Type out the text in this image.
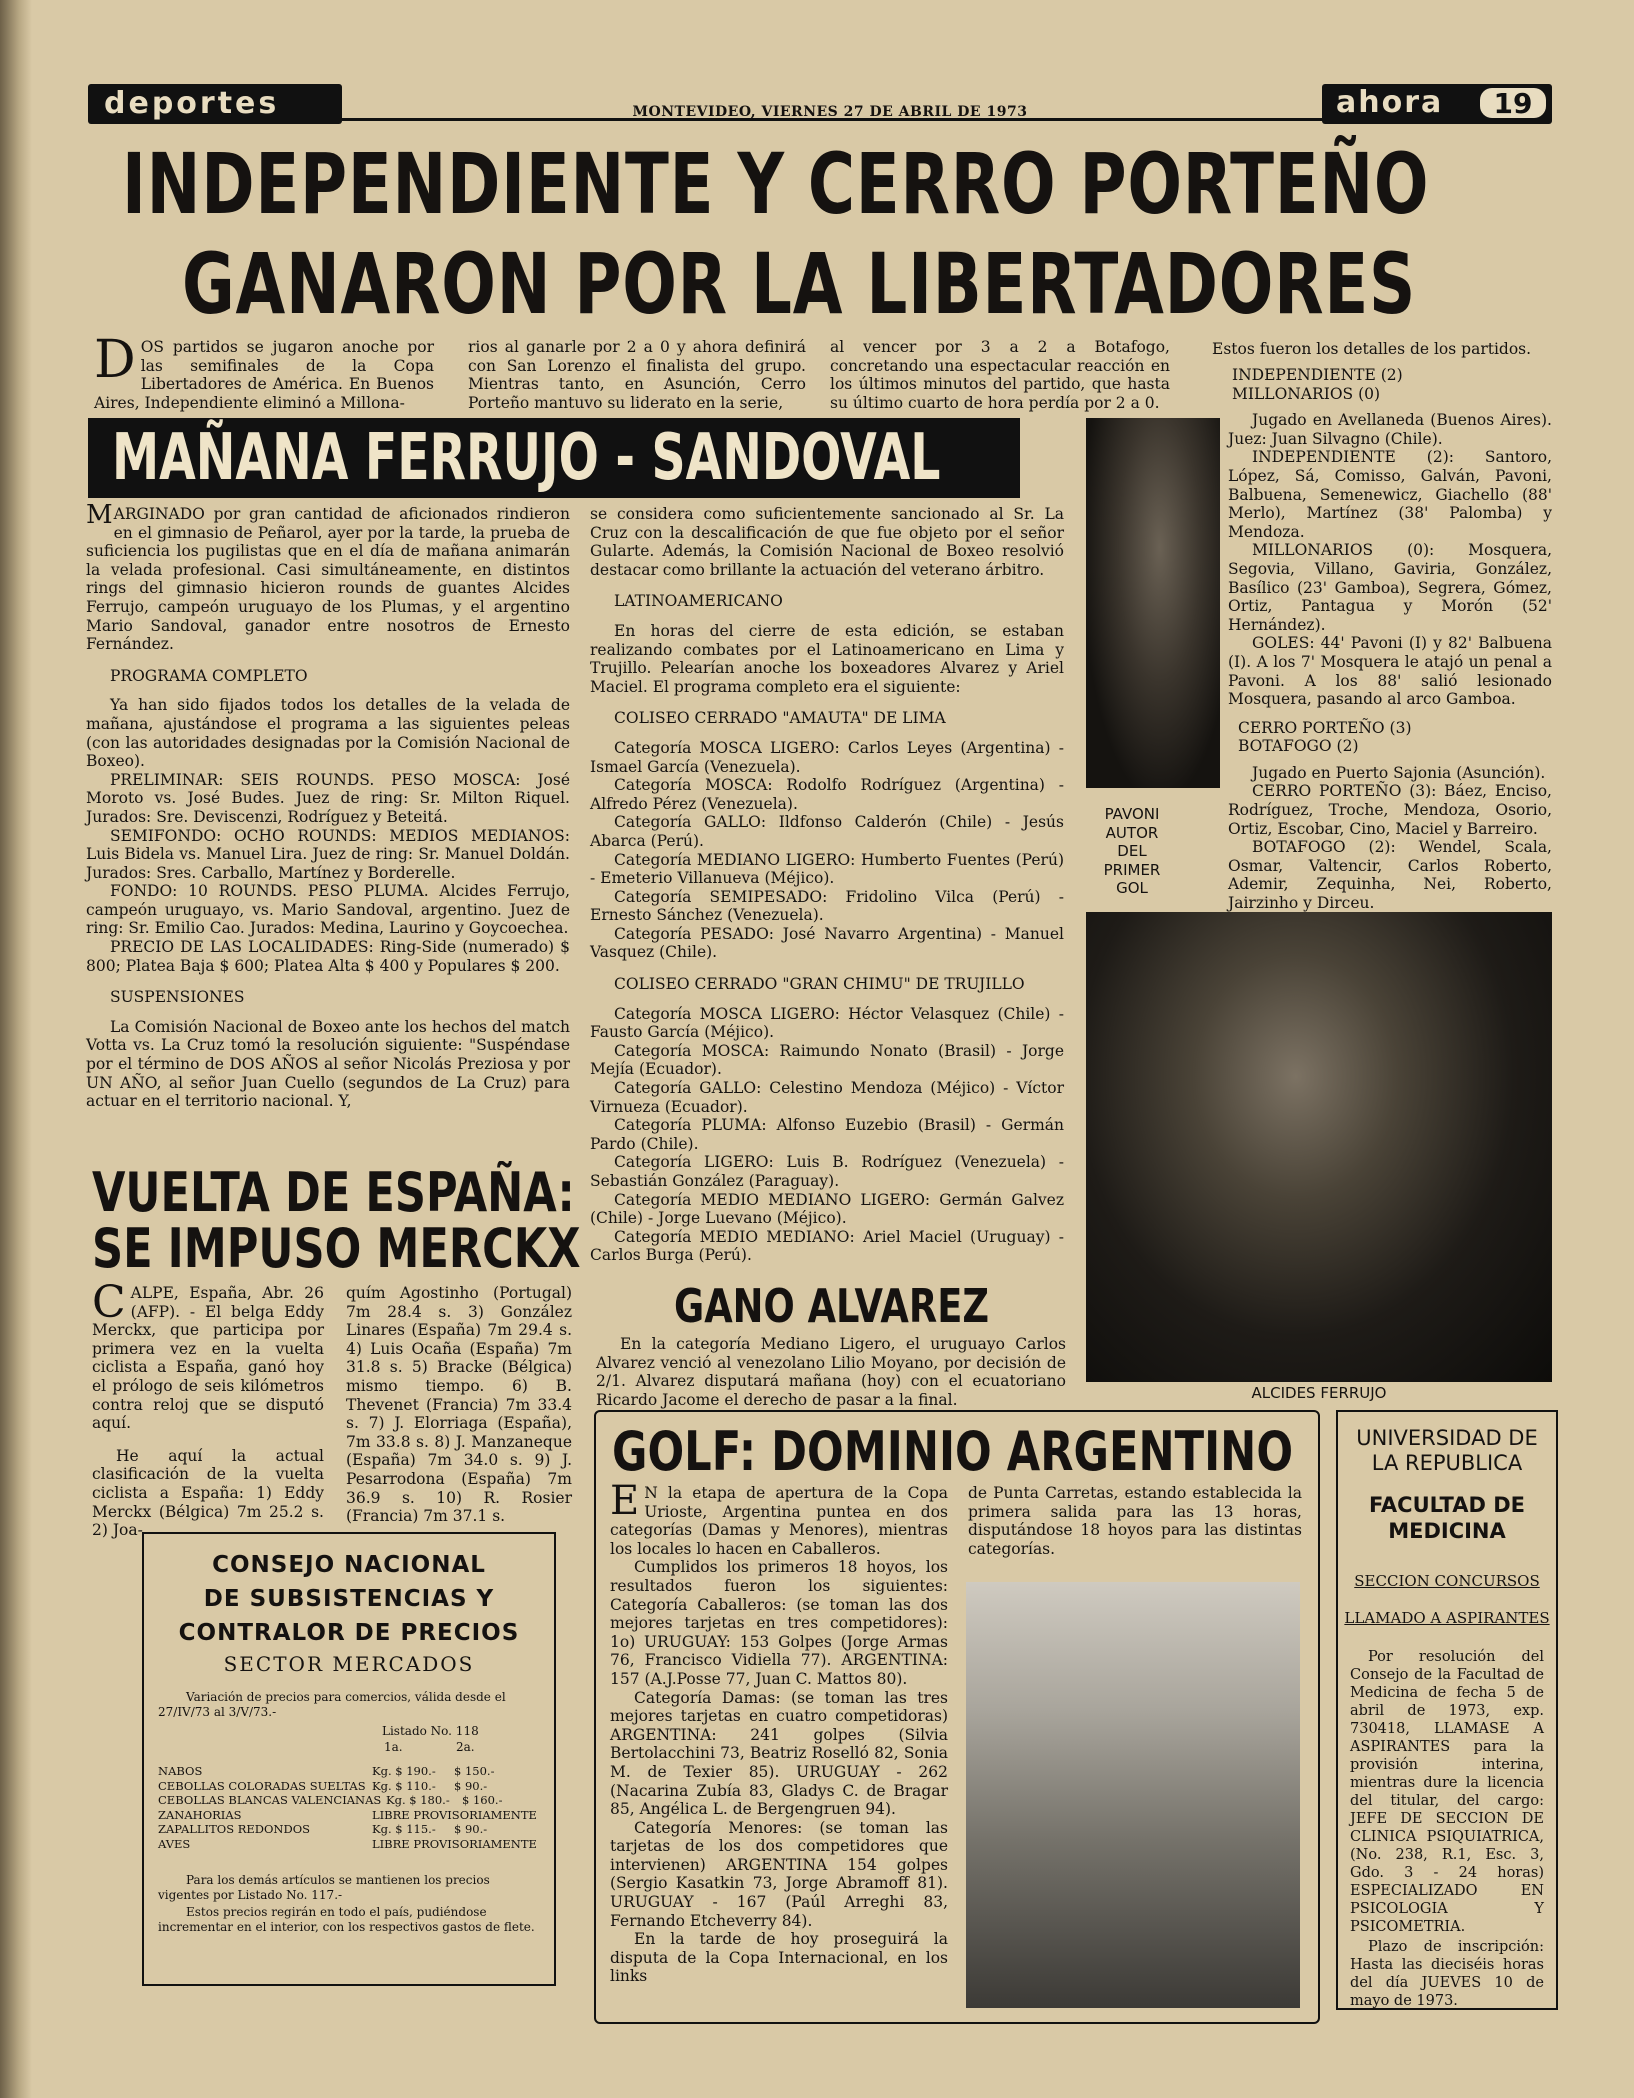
deportes	MONTEVIDEO, VIERNES 27 DE ABRIL DE 1973	ahora	19
INDEPENDIENTE Y CERRO PORTEÑO
GANARON POR LA LIBERTADORES
DOS partidos se jugaron anoche por las semifinales de la Copa Libertadores de América. En Buenos Aires, Independiente eliminó a Millona-
rios al ganarle por 2 a 0 y ahora definirá con San Lorenzo el finalista del grupo. Mientras tanto, en Asunción, Cerro Porteño mantuvo su liderato en la serie,
al vencer por 3 a 2 a Botafogo, concretando una espectacular reacción en los últimos minutos del partido, que hasta su último cuarto de hora perdía por 2 a 0.
Estos fueron los detalles de los partidos.

INDEPENDIENTE (2)

MILLONARIOS (0)

Jugado en Avellaneda (Buenos Aires). Juez: Juan Silvagno (Chile).

INDEPENDIENTE (2): Santoro, López, Sá, Comisso, Galván, Pavoni, Balbuena, Semenewicz, Giachello (88' Merlo), Martínez (38' Palomba) y Mendoza.

MILLONARIOS (0): Mosquera, Segovia, Villano, Gaviria, González, Basílico (23' Gamboa), Segrera, Gómez, Ortiz, Pantagua y Morón (52' Hernández).

GOLES: 44' Pavoni (I) y 82' Balbuena (I). A los 7' Mosquera le atajó un penal a Pavoni. A los 88' salió lesionado Mosquera, pasando al arco Gamboa.

CERRO PORTEÑO (3)

BOTAFOGO (2)

Jugado en Puerto Sajonia (Asunción).

CERRO PORTEÑO (3): Báez, Enciso, Rodríguez, Troche, Mendoza, Osorio, Ortiz, Escobar, Cino, Maciel y Barreiro.

BOTAFOGO (2): Wendel, Scala, Osmar, Valtencir, Carlos Roberto, Ademir, Zequinha, Nei, Roberto, Jairzinho y Dirceu.

MAÑANA FERRUJO - SANDOVAL
PAVONI AUTOR DEL PRIMER GOL

MARGINADO por gran cantidad de aficionados rindieron en el gimnasio de Peñarol, ayer por la tarde, la prueba de suficiencia los pugilistas que en el día de mañana animarán la velada profesional. Casi simultáneamente, en distintos rings del gimnasio hicieron rounds de guantes Alcides Ferrujo, campeón uruguayo de los Plumas, y el argentino Mario Sandoval, ganador entre nosotros de Ernesto Fernández.

PROGRAMA COMPLETO

Ya han sido fijados todos los detalles de la velada de mañana, ajustándose el programa a las siguientes peleas (con las autoridades designadas por la Comisión Nacional de Boxeo).

PRELIMINAR: SEIS ROUNDS. PESO MOSCA: José Moroto vs. José Budes. Juez de ring: Sr. Milton Riquel. Jurados: Sre. Deviscenzi, Rodríguez y Beteitá.

SEMIFONDO: OCHO ROUNDS: MEDIOS MEDIANOS: Luis Bidela vs. Manuel Lira. Juez de ring: Sr. Manuel Doldán. Jurados: Sres. Carballo, Martínez y Borderelle.

FONDO: 10 ROUNDS. PESO PLUMA. Alcides Ferrujo, campeón uruguayo, vs. Mario Sandoval, argentino. Juez de ring: Sr. Emilio Cao. Jurados: Medina, Laurino y Goycoechea.

PRECIO DE LAS LOCALIDADES: Ring-Side (numerado) $ 800; Platea Baja $ 600; Platea Alta $ 400 y Populares $ 200.

SUSPENSIONES

La Comisión Nacional de Boxeo ante los hechos del match Votta vs. La Cruz tomó la resolución siguiente: "Suspéndase por el término de DOS AÑOS al señor Nicolás Preziosa y por UN AÑO, al señor Juan Cuello (segundos de La Cruz) para actuar en el territorio nacional. Y,

se considera como suficientemente sancionado al Sr. La Cruz con la descalificación de que fue objeto por el señor Gularte. Además, la Comisión Nacional de Boxeo resolvió destacar como brillante la actuación del veterano árbitro.

LATINOAMERICANO

En horas del cierre de esta edición, se estaban realizando combates por el Latinoamericano en Lima y Trujillo. Pelearían anoche los boxeadores Alvarez y Ariel Maciel. El programa completo era el siguiente:

COLISEO CERRADO "AMAUTA" DE LIMA

Categoría MOSCA LIGERO: Carlos Leyes (Argentina) - Ismael García (Venezuela).

Categoría MOSCA: Rodolfo Rodríguez (Argentina) - Alfredo Pérez (Venezuela).

Categoría GALLO: Ildfonso Calderón (Chile) - Jesús Abarca (Perú).

Categoría MEDIANO LIGERO: Humberto Fuentes (Perú) - Emeterio Villanueva (Méjico).

Categoría SEMIPESADO: Fridolino Vilca (Perú) - Ernesto Sánchez (Venezuela).

Categoría PESADO: José Navarro Argentina) - Manuel Vasquez (Chile).

COLISEO CERRADO "GRAN CHIMU" DE TRUJILLO

Categoría MOSCA LIGERO: Héctor Velasquez (Chile) - Fausto García (Méjico).

Categoría MOSCA: Raimundo Nonato (Brasil) - Jorge Mejía (Ecuador).

Categoría GALLO: Celestino Mendoza (Méjico) - Víctor Virnueza (Ecuador).

Categoría PLUMA: Alfonso Euzebio (Brasil) - Germán Pardo (Chile).

Categoría LIGERO: Luis B. Rodríguez (Venezuela) - Sebastián González (Paraguay).

Categoría MEDIO MEDIANO LIGERO: Germán Galvez (Chile) - Jorge Luevano (Méjico).

Categoría MEDIO MEDIANO: Ariel Maciel (Uruguay) - Carlos Burga (Perú).

GANO ALVAREZ
En la categoría Mediano Ligero, el uruguayo Carlos Alvarez venció al venezolano Lilio Moyano, por decisión de 2/1. Alvarez disputará mañana (hoy) con el ecuatoriano Ricardo Jacome el derecho de pasar a la final.	ALCIDES FERRUJO
VUELTA DE ESPAÑA:
SE IMPUSO MERCKX

CALPE, España, Abr. 26 (AFP). - El belga Eddy Merckx, que participa por primera vez en la vuelta ciclista a España, ganó hoy el prólogo de seis kilómetros contra reloj que se disputó aquí.

He aquí la actual clasificación de la vuelta ciclista a España: 1) Eddy Merckx (Bélgica) 7m 25.2 s. 2) Joa-

quím Agostinho (Portugal) 7m 28.4 s. 3) González Linares (España) 7m 29.4 s. 4) Luis Ocaña (España) 7m 31.8 s. 5) Bracke (Bélgica) mismo tiempo. 6) B. Thevenet (Francia) 7m 33.4 s. 7) J. Elorriaga (España), 7m 33.8 s. 8) J. Manzaneque (España) 7m 34.0 s. 9) J. Pesarrodona (España) 7m 36.9 s. 10) R. Rosier (Francia) 7m 37.1 s.
CONSEJO NACIONAL
DE SUBSISTENCIAS Y
CONTRALOR DE PRECIOS
SECTOR MERCADOS
Variación de precios para comercios, válida desde el 27/IV/73 al 3/V/73.-
Listado No. 118
1a.	2a.
NABOS	Kg. $ 190.- $ 150.-
CEBOLLAS COLORADAS SUELTAS Kg. $ 110.- $ 90.-
CEBOLLAS BLANCAS VALENCIANAS Kg. $ 180.- $ 160.-
ZANAHORIAS	LIBRE PROVISORIAMENTE
ZAPALLITOS REDONDOS	Kg. $ 115.- $ 90.-
AVES	LIBRE PROVISORIAMENTE
Para los demás artículos se mantienen los precios vigentes por Listado No. 117.-
Estos precios regirán en todo el país, pudiéndose incrementar en el interior, con los respectivos gastos de flete.
GOLF: DOMINIO ARGENTINO

E N la etapa de apertura de la Copa Urioste, Argentina puntea en dos categorías (Damas y Menores), mientras los locales lo hacen en Caballeros.

Cumplidos los primeros 18 hoyos, los resultados fueron los siguientes: Categoría Caballeros: (se toman las dos mejores tarjetas en tres competidores): 1o) URUGUAY: 153 Golpes (Jorge Armas 76, Francisco Vidiella 77). ARGENTINA: 157 (A.J.Posse 77, Juan C. Mattos 80).

Categoría Damas: (se toman las tres mejores tarjetas en cuatro competidoras) ARGENTINA: 241 golpes (Silvia Bertolacchini 73, Beatriz Roselló 82, Sonia M. de Texier 85). URUGUAY - 262 (Nacarina Zubía 83, Gladys C. de Bragar 85, Angélica L. de Bergengruen 94).

Categoría Menores: (se toman las tarjetas de los dos competidores que intervienen) ARGENTINA 154 golpes (Sergio Kasatkin 73, Jorge Abramoff 81). URUGUAY - 167 (Paúl Arreghi 83, Fernando Etcheverry 84).

En la tarde de hoy proseguirá la disputa de la Copa Internacional, en los links

de Punta Carretas, estando establecida la primera salida para las 13 horas, disputándose 18 hoyos para las distintas categorías.
UNIVERSIDAD DE
LA REPUBLICA
FACULTAD DE
MEDICINA
SECCION CONCURSOS
LLAMADO A ASPIRANTES
Por resolución del Consejo de la Facultad de Medicina de fecha 5 de abril de 1973, exp. 730418, LLAMASE A ASPIRANTES para la provisión interina, mientras dure la licencia del titular, del cargo: JEFE DE SECCION DE CLINICA PSIQUIATRICA, (No. 238, R.1, Esc. 3, Gdo. 3 - 24 horas) ESPECIALIZADO EN PSICOLOGIA Y PSICOMETRIA.
Plazo de inscripción: Hasta las dieciséis horas del día JUEVES 10 de mayo de 1973.
